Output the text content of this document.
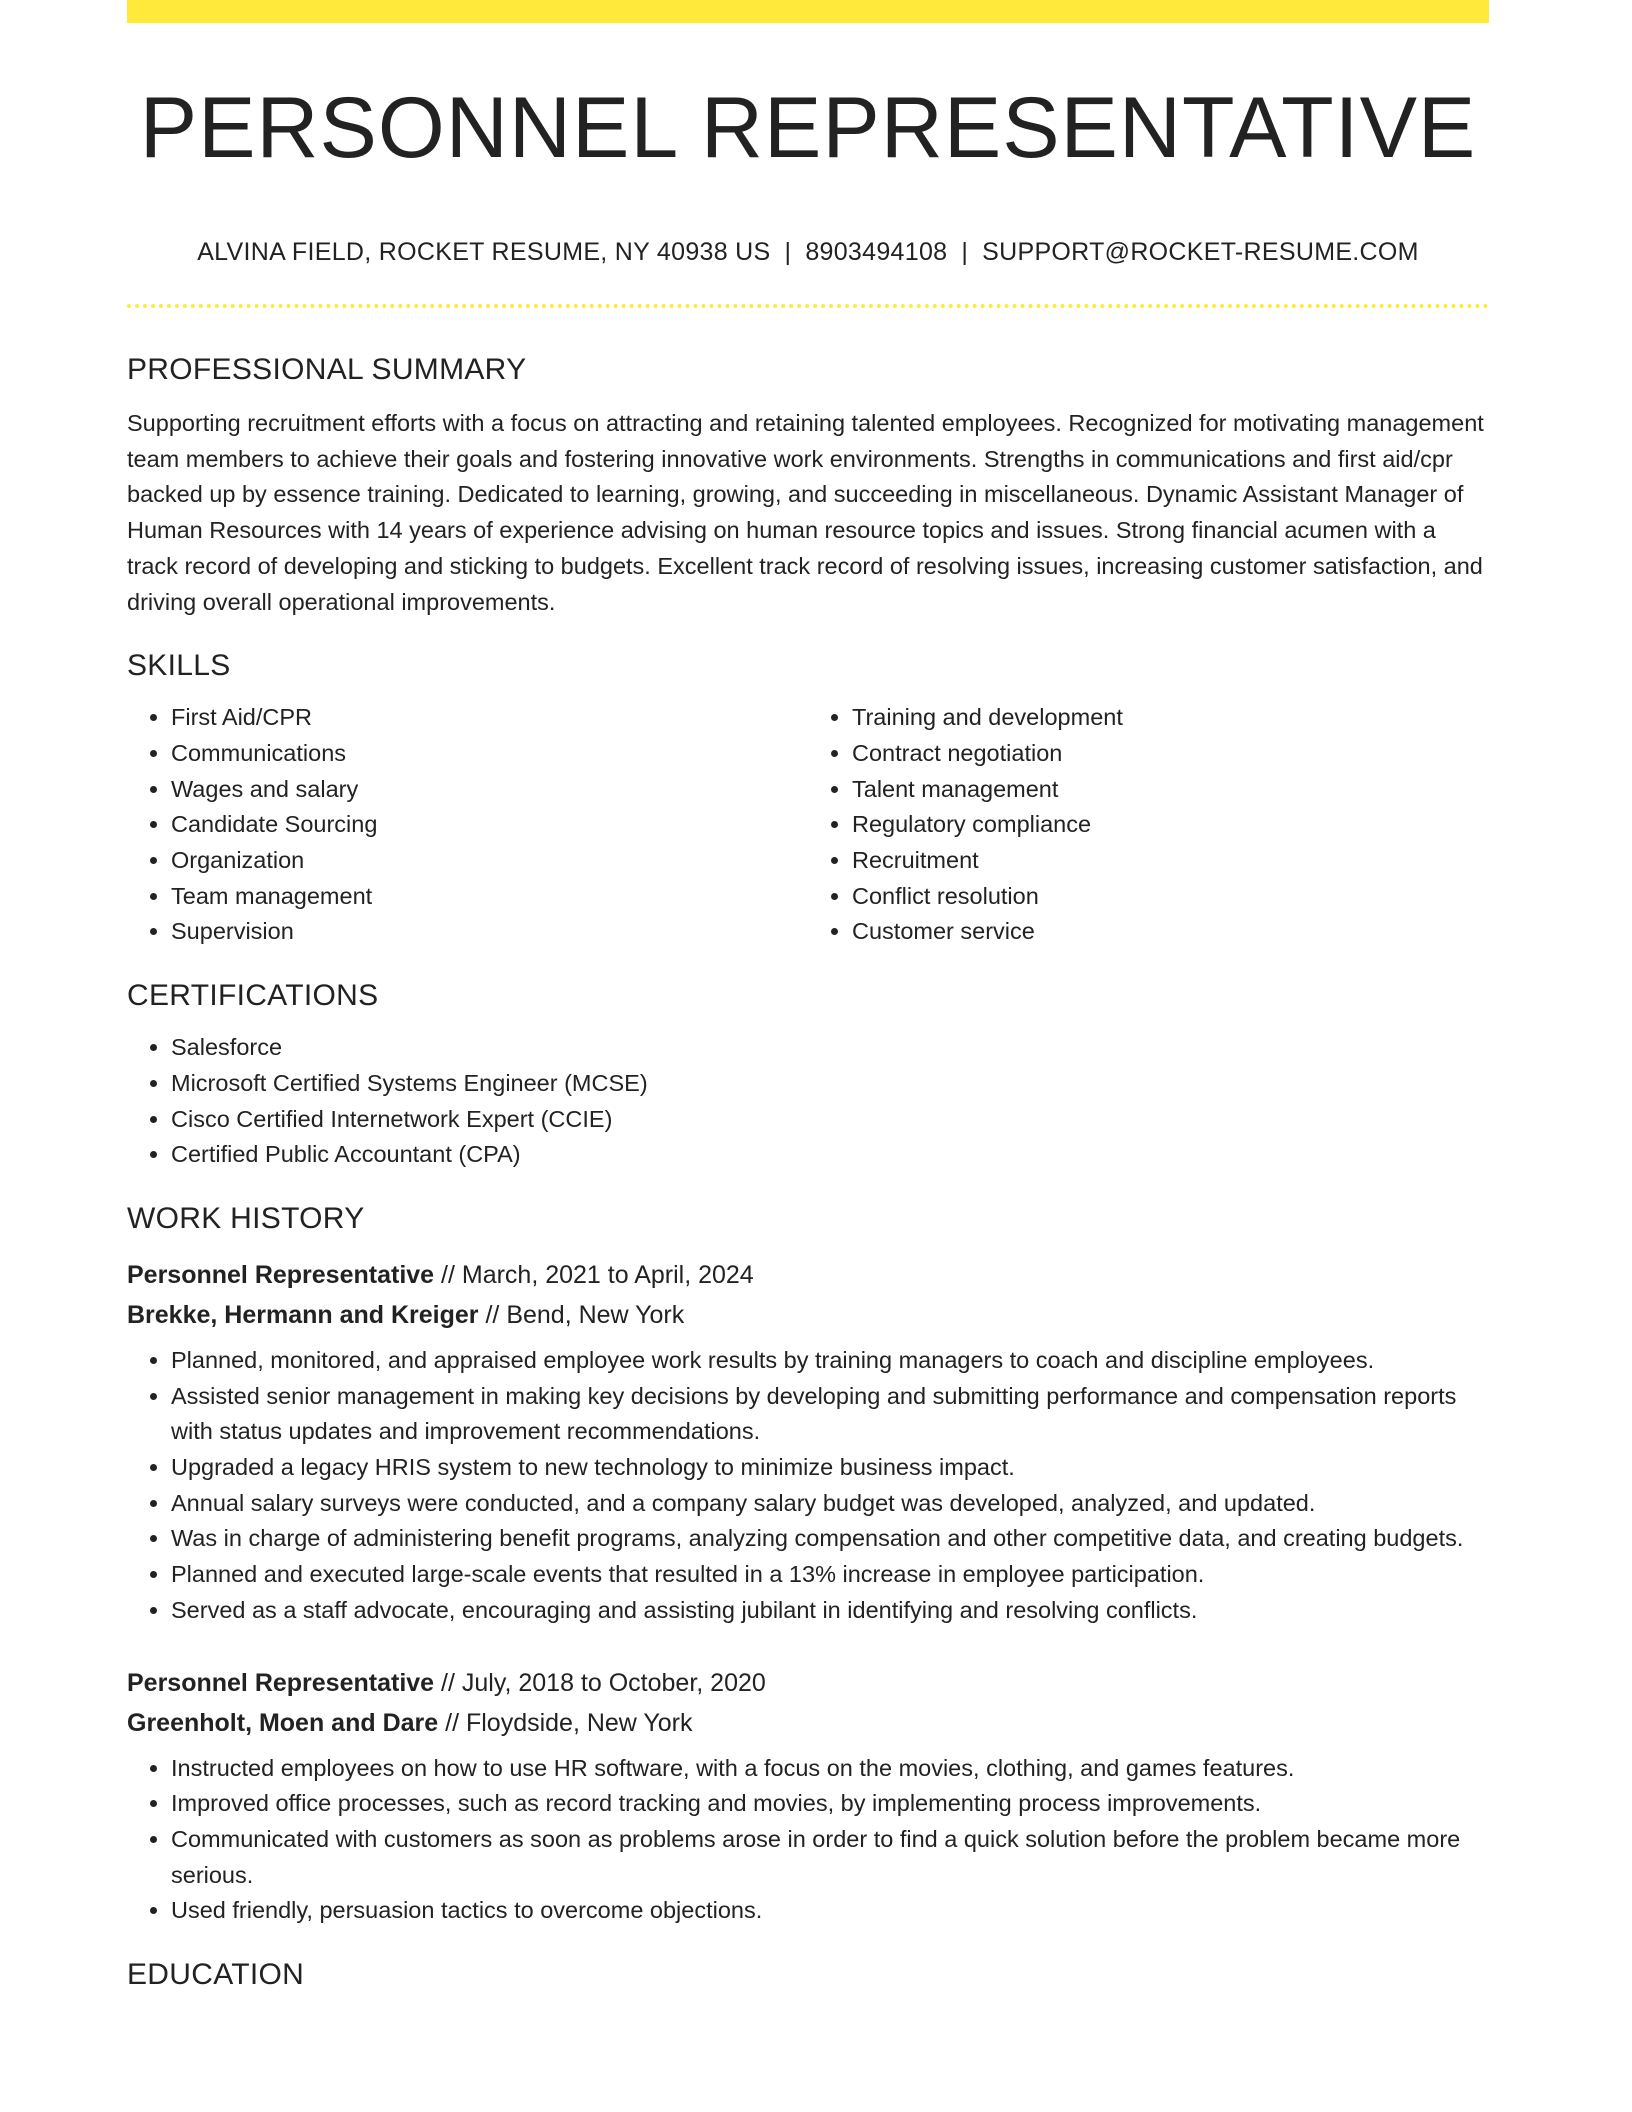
PERSONNEL REPRESENTATIVE
ALVINA FIELD, ROCKET RESUME, NY 40938 US | 8903494108 | SUPPORT@ROCKET-RESUME.COM
PROFESSIONAL SUMMARY

Supporting recruitment efforts with a focus on attracting and retaining talented employees. Recognized for motivating management team members to achieve their goals and fostering innovative work environments. Strengths in communications and first aid/cpr backed up by essence training. Dedicated to learning, growing, and succeeding in miscellaneous. Dynamic Assistant Manager of Human Resources with 14 years of experience advising on human resource topics and issues. Strong financial acumen with a track record of developing and sticking to budgets. Excellent track record of resolving issues, increasing customer satisfaction, and driving overall operational improvements.

SKILLS
• First Aid/CPR
• Communications
• Wages and salary
• Candidate Sourcing
• Organization
• Team management
• Supervision
• Training and development
• Contract negotiation
• Talent management
• Regulatory compliance
• Recruitment
• Conflict resolution
• Customer service
CERTIFICATIONS
• Salesforce
• Microsoft Certified Systems Engineer (MCSE)
• Cisco Certified Internetwork Expert (CCIE)
• Certified Public Accountant (CPA)
WORK HISTORY
Personnel Representative // March, 2021 to April, 2024
Brekke, Hermann and Kreiger // Bend, New York
• Planned, monitored, and appraised employee work results by training managers to coach and discipline employees.
• Assisted senior management in making key decisions by developing and submitting performance and compensation reports with status updates and improvement recommendations.
• Upgraded a legacy HRIS system to new technology to minimize business impact.
• Annual salary surveys were conducted, and a company salary budget was developed, analyzed, and updated.
• Was in charge of administering benefit programs, analyzing compensation and other competitive data, and creating budgets.
• Planned and executed large-scale events that resulted in a 13% increase in employee participation.
• Served as a staff advocate, encouraging and assisting jubilant in identifying and resolving conflicts.
Personnel Representative // July, 2018 to October, 2020
Greenholt, Moen and Dare // Floydside, New York
• Instructed employees on how to use HR software, with a focus on the movies, clothing, and games features.
• Improved office processes, such as record tracking and movies, by implementing process improvements.
• Communicated with customers as soon as problems arose in order to find a quick solution before the problem became more serious.
• Used friendly, persuasion tactics to overcome objections.
EDUCATION
